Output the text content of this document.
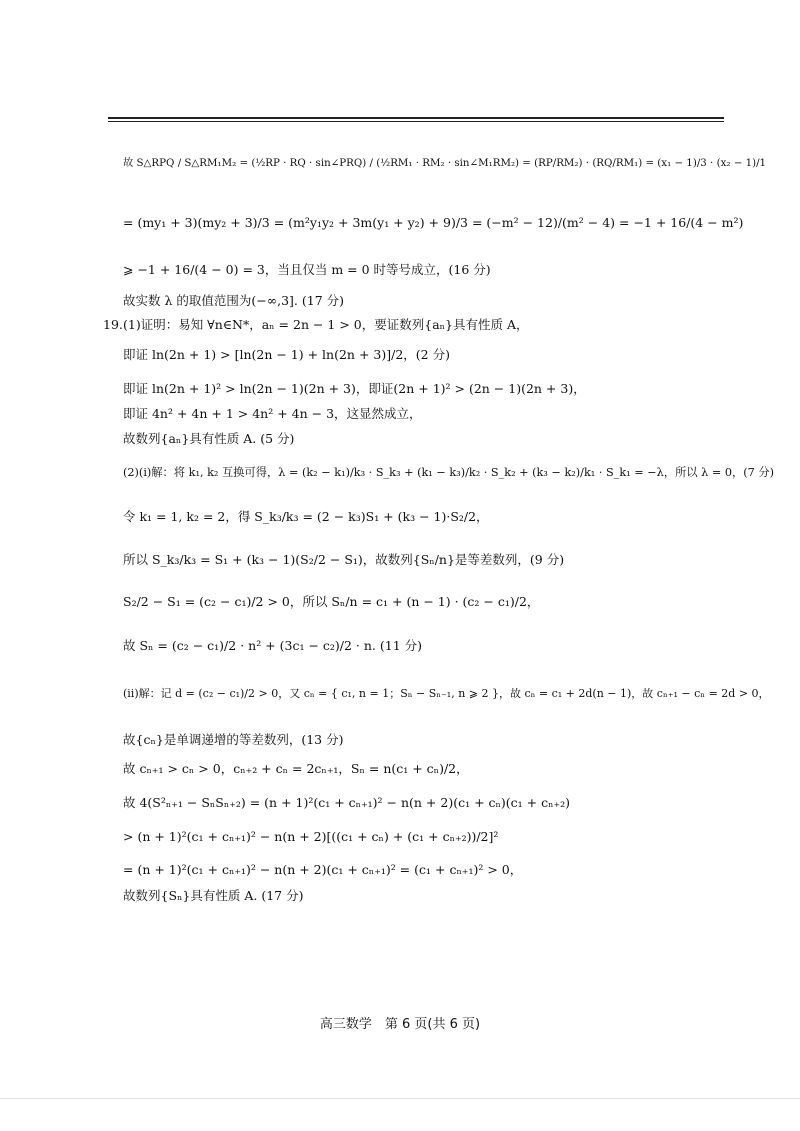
故 S△RPQ / S△RM₁M₂ = (½RP · RQ · sin∠PRQ) / (½RM₁ · RM₂ · sin∠M₁RM₂) = (RP/RM₂) · (RQ/RM₁) = (x₁ − 1)/3 · (x₂ − 1)/1
= (my₁ + 3)(my₂ + 3)/3 = (m²y₁y₂ + 3m(y₁ + y₂) + 9)/3 = (−m² − 12)/(m² − 4) = −1 + 16/(4 − m²)
⩾ −1 + 16/(4 − 0) = 3，当且仅当 m = 0 时等号成立，(16 分)
故实数 λ 的取值范围为(−∞,3]. (17 分)
19. (1)证明：易知 ∀n∈N*，aₙ = 2n − 1 > 0，要证数列{aₙ}具有性质 A，
即证 ln(2n + 1) > [ln(2n − 1) + ln(2n + 3)]/2，(2 分)
即证 ln(2n + 1)² > ln(2n − 1)(2n + 3)，即证(2n + 1)² > (2n − 1)(2n + 3)，
即证 4n² + 4n + 1 > 4n² + 4n − 3，这显然成立，
故数列{aₙ}具有性质 A. (5 分)
(2)(i)解：将 k₁, k₂ 互换可得，λ = (k₂ − k₁)/k₃ · S_k₃ + (k₁ − k₃)/k₂ · S_k₂ + (k₃ − k₂)/k₁ · S_k₁ = −λ，所以 λ = 0，(7 分)
令 k₁ = 1, k₂ = 2，得 S_k₃/k₃ = (2 − k₃)S₁ + (k₃ − 1)·S₂/2，
所以 S_k₃/k₃ = S₁ + (k₃ − 1)(S₂/2 − S₁)，故数列{Sₙ/n}是等差数列，(9 分)
S₂/2 − S₁ = (c₂ − c₁)/2 > 0，所以 Sₙ/n = c₁ + (n − 1) · (c₂ − c₁)/2，
故 Sₙ = (c₂ − c₁)/2 · n² + (3c₁ − c₂)/2 · n. (11 分)
(ii)解：记 d = (c₂ − c₁)/2 > 0，又 cₙ = { c₁, n = 1；Sₙ − Sₙ₋₁, n ⩾ 2 }，故 cₙ = c₁ + 2d(n − 1)，故 cₙ₊₁ − cₙ = 2d > 0，
故{cₙ}是单调递增的等差数列，(13 分)
故 cₙ₊₁ > cₙ > 0，cₙ₊₂ + cₙ = 2cₙ₊₁，Sₙ = n(c₁ + cₙ)/2，
故 4(S²ₙ₊₁ − SₙSₙ₊₂) = (n + 1)²(c₁ + cₙ₊₁)² − n(n + 2)(c₁ + cₙ)(c₁ + cₙ₊₂)
> (n + 1)²(c₁ + cₙ₊₁)² − n(n + 2)[((c₁ + cₙ) + (c₁ + cₙ₊₂))/2]²
= (n + 1)²(c₁ + cₙ₊₁)² − n(n + 2)(c₁ + cₙ₊₁)² = (c₁ + cₙ₊₁)² > 0，
故数列{Sₙ}具有性质 A. (17 分)
高三数学　第 6 页(共 6 页)
